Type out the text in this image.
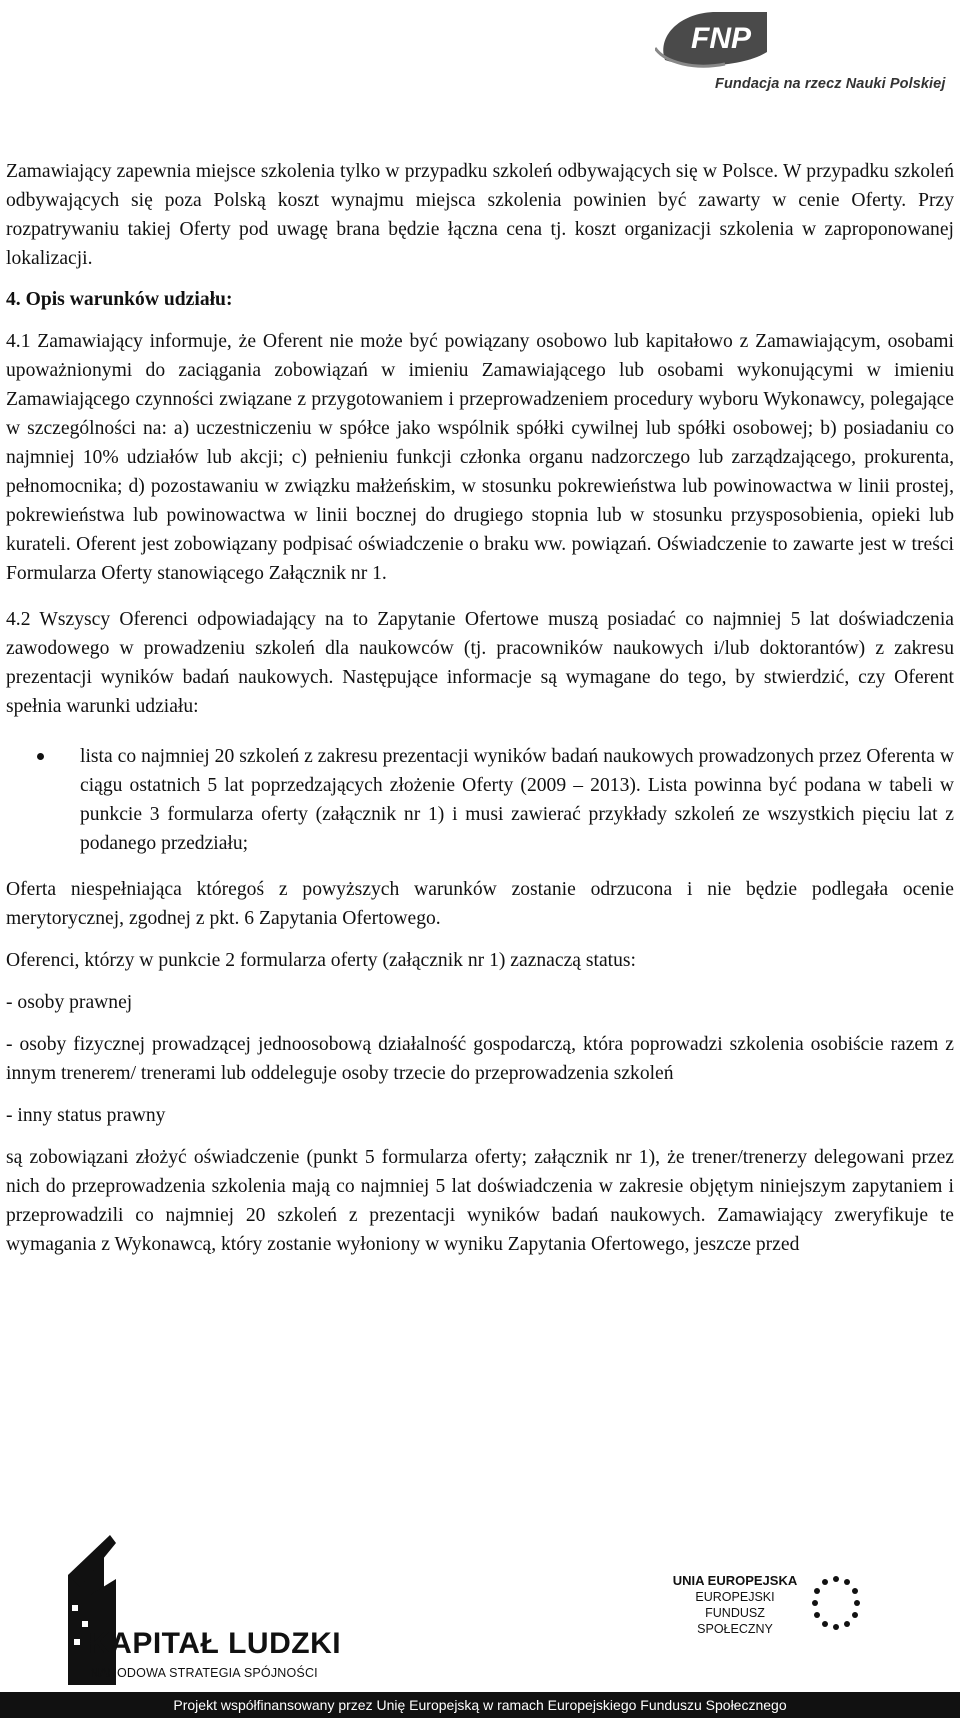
FNP
Fundacja na rzecz Nauki Polskiej

Zamawiający zapewnia miejsce szkolenia tylko w przypadku szkoleń odbywających się w Polsce. W przypadku szkoleń odbywających się poza Polską koszt wynajmu miejsca szkolenia powinien być zawarty w cenie Oferty. Przy rozpatrywaniu takiej Oferty pod uwagę brana będzie łączna cena tj. koszt organizacji szkolenia w zaproponowanej lokalizacji.

4. Opis warunków udziału:

4.1 Zamawiający informuje, że Oferent nie może być powiązany osobowo lub kapitałowo z Zamawiającym, osobami upoważnionymi do zaciągania zobowiązań w imieniu Zamawiającego lub osobami wykonującymi w imieniu Zamawiającego czynności związane z przygotowaniem i przeprowadzeniem procedury wyboru Wykonawcy, polegające w szczególności na: a) uczestniczeniu w spółce jako wspólnik spółki cywilnej lub spółki osobowej; b) posiadaniu co najmniej 10% udziałów lub akcji; c) pełnieniu funkcji członka organu nadzorczego lub zarządzającego, prokurenta, pełnomocnika; d) pozostawaniu w związku małżeńskim, w stosunku pokrewieństwa lub powinowactwa w linii prostej, pokrewieństwa lub powinowactwa w linii bocznej do drugiego stopnia lub w stosunku przysposobienia, opieki lub kurateli. Oferent jest zobowiązany podpisać oświadczenie o braku ww. powiązań. Oświadczenie to zawarte jest w treści Formularza Oferty stanowiącego Załącznik nr 1.

4.2 Wszyscy Oferenci odpowiadający na to Zapytanie Ofertowe muszą posiadać co najmniej 5 lat doświadczenia zawodowego w prowadzeniu szkoleń dla naukowców (tj. pracowników naukowych i/lub doktorantów) z zakresu prezentacji wyników badań naukowych. Następujące informacje są wymagane do tego, by stwierdzić, czy Oferent spełnia warunki udziału:

lista co najmniej 20 szkoleń z zakresu prezentacji wyników badań naukowych prowadzonych przez Oferenta w ciągu ostatnich 5 lat poprzedzających złożenie Oferty (2009 – 2013). Lista powinna być podana w tabeli w punkcie 3 formularza oferty (załącznik nr 1) i musi zawierać przykłady szkoleń ze wszystkich pięciu lat z podanego przedziału;

Oferta niespełniająca któregoś z powyższych warunków zostanie odrzucona i nie będzie podlegała ocenie merytorycznej, zgodnej z pkt. 6 Zapytania Ofertowego.

Oferenci, którzy w punkcie 2 formularza oferty (załącznik nr 1) zaznaczą status:

- osoby prawnej

- osoby fizycznej prowadzącej jednoosobową działalność gospodarczą, która poprowadzi szkolenia osobiście razem z innym trenerem/ trenerami lub oddeleguje osoby trzecie do przeprowadzenia szkoleń

- inny status prawny

są zobowiązani złożyć oświadczenie (punkt 5 formularza oferty; załącznik nr 1), że trener/trenerzy delegowani przez nich do przeprowadzenia szkolenia mają co najmniej 5 lat doświadczenia w zakresie objętym niniejszym zapytaniem i przeprowadzili co najmniej 20 szkoleń z prezentacji wyników badań naukowych. Zamawiający zweryfikuje te wymagania z Wykonawcą, który zostanie wyłoniony w wyniku Zapytania Ofertowego, jeszcze przed

KAPITAŁ LUDZKI
NARODOWA STRATEGIA SPÓJNOŚCI
UNIA EUROPEJSKA
EUROPEJSKI
FUNDUSZ SPOŁECZNY
Projekt współfinansowany przez Unię Europejską w ramach Europejskiego Funduszu Społecznego
